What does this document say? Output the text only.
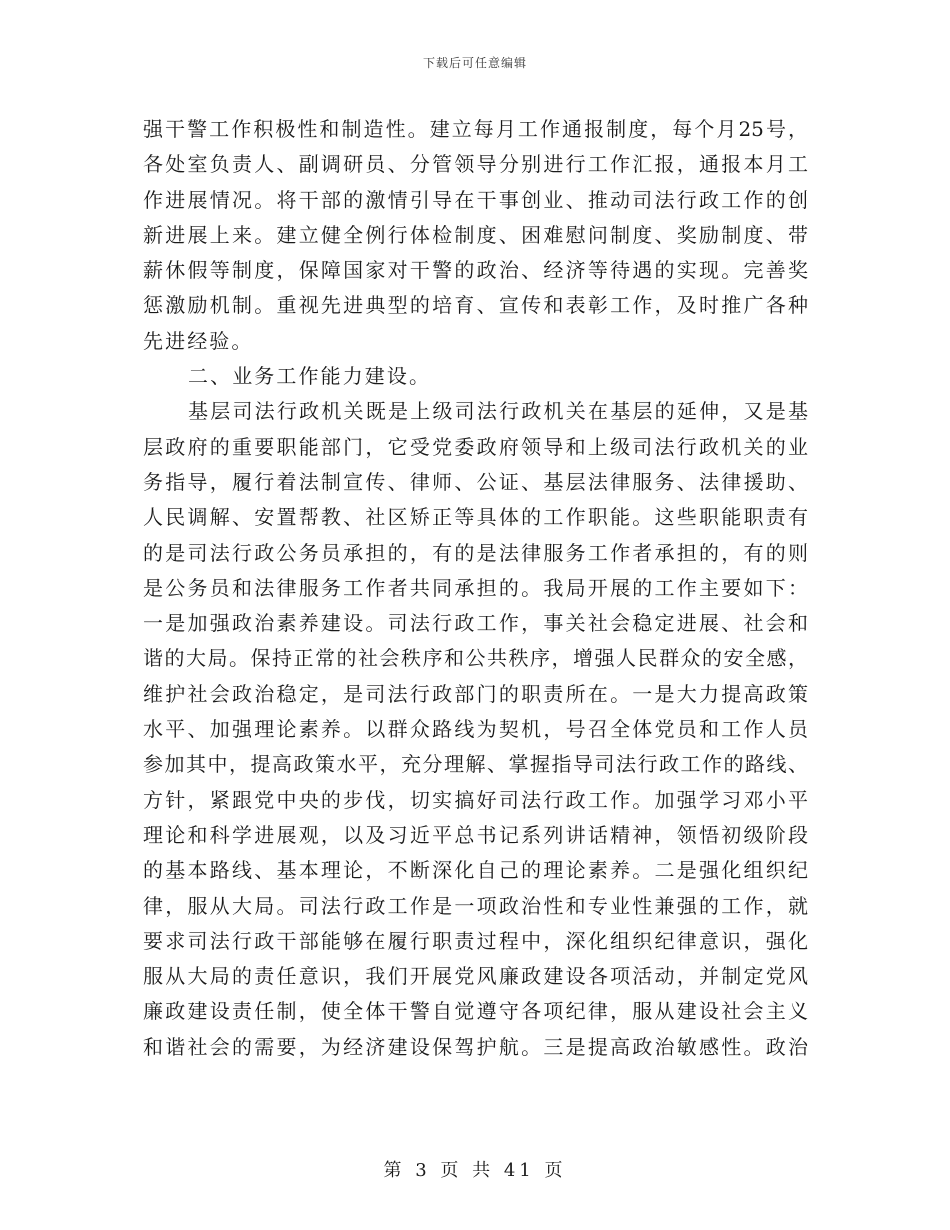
下载后可任意编辑
强干警工作积极性和制造性。建立每月工作通报制度，每个月25号，
各处室负责人、副调研员、分管领导分别进行工作汇报，通报本月工
作进展情况。将干部的激情引导在干事创业、推动司法行政工作的创
新进展上来。建立健全例行体检制度、困难慰问制度、奖励制度、带
薪休假等制度，保障国家对干警的政治、经济等待遇的实现。完善奖
惩激励机制。重视先进典型的培育、宣传和表彰工作，及时推广各种
先进经验。
二、业务工作能力建设。
基层司法行政机关既是上级司法行政机关在基层的延伸，又是基
层政府的重要职能部门，它受党委政府领导和上级司法行政机关的业
务指导，履行着法制宣传、律师、公证、基层法律服务、法律援助、
人民调解、安置帮教、社区矫正等具体的工作职能。这些职能职责有
的是司法行政公务员承担的，有的是法律服务工作者承担的，有的则
是公务员和法律服务工作者共同承担的。我局开展的工作主要如下：
一是加强政治素养建设。司法行政工作，事关社会稳定进展、社会和
谐的大局。保持正常的社会秩序和公共秩序，增强人民群众的安全感，
维护社会政治稳定，是司法行政部门的职责所在。一是大力提高政策
水平、加强理论素养。以群众路线为契机，号召全体党员和工作人员
参加其中，提高政策水平，充分理解、掌握指导司法行政工作的路线、
方针，紧跟党中央的步伐，切实搞好司法行政工作。加强学习邓小平
理论和科学进展观，以及习近平总书记系列讲话精神，领悟初级阶段
的基本路线、基本理论，不断深化自己的理论素养。二是强化组织纪
律，服从大局。司法行政工作是一项政治性和专业性兼强的工作，就
要求司法行政干部能够在履行职责过程中，深化组织纪律意识，强化
服从大局的责任意识，我们开展党风廉政建设各项活动，并制定党风
廉政建设责任制，使全体干警自觉遵守各项纪律，服从建设社会主义
和谐社会的需要，为经济建设保驾护航。三是提高政治敏感性。政治
第 3 页 共 41 页
